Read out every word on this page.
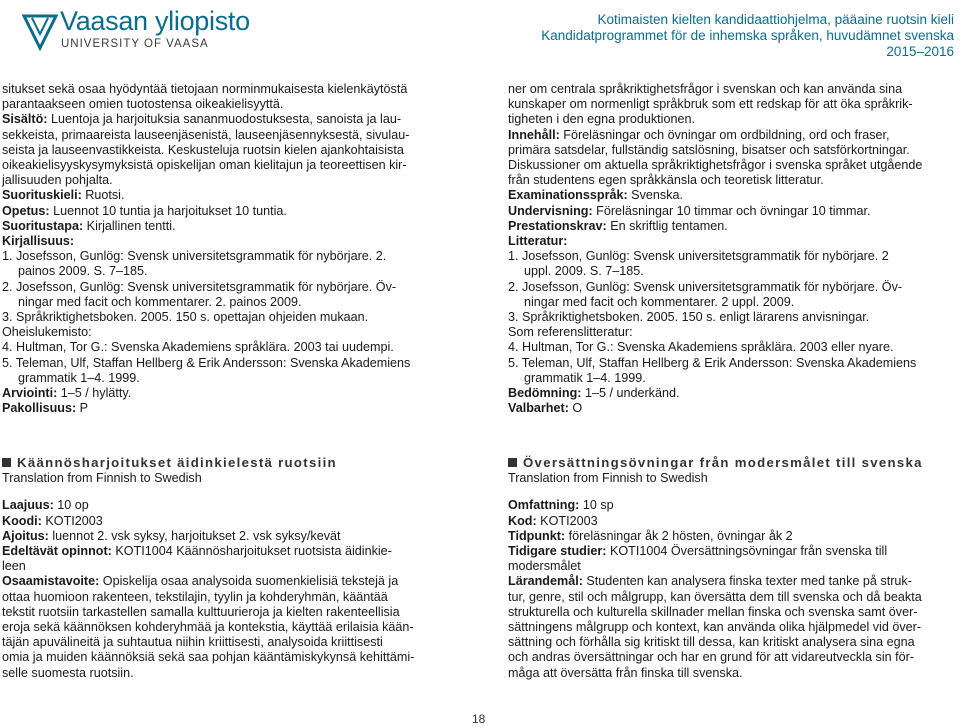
Vaasan yliopisto
UNIVERSITY OF VAASA
Kotimaisten kielten kandidaattiohjelma, pääaine ruotsin kieli
Kandidatprogrammet för de inhemska språken, huvudämnet svenska
2015–2016

situkset sekä osaa hyödyntää tietojaan norminmukaisesta kielenkäytöstä

parantaakseen omien tuotostensa oikeakielisyyttä.

Sisältö: Luentoja ja harjoituksia sananmuodostuksesta, sanoista ja lau-

sekkeista, primaareista lauseenjäsenistä, lauseenjäsennyksestä, sivulau-

seista ja lauseenvastikkeista. Keskusteluja ruotsin kielen ajankohtaisista

oikeakielisyyskysymyksistä opiskelijan oman kielitajun ja teoreettisen kir-

jallisuuden pohjalta.

Suorituskieli: Ruotsi.

Opetus: Luennot 10 tuntia ja harjoitukset 10 tuntia.

Suoritustapa: Kirjallinen tentti.

Kirjallisuus:

1. Josefsson, Gunlög: Svensk universitetsgrammatik för nybörjare. 2.

painos 2009. S. 7–185.

2. Josefsson, Gunlög: Svensk universitetsgrammatik för nybörjare. Öv-

ningar med facit och kommentarer. 2. painos 2009.

3. Språkriktighetsboken. 2005. 150 s. opettajan ohjeiden mukaan.

Oheislukemisto:

4. Hultman, Tor G.: Svenska Akademiens språklära. 2003 tai uudempi.

5. Teleman, Ulf, Staffan Hellberg & Erik Andersson: Svenska Akademiens

grammatik 1–4. 1999.

Arviointi: 1–5 / hylätty.

Pakollisuus: P

ner om centrala språkriktighetsfrågor i svenskan och kan använda sina

kunskaper om normenligt språkbruk som ett redskap för att öka språkrik-

tigheten i den egna produktionen.

Innehåll: Föreläsningar och övningar om ordbildning, ord och fraser,

primära satsdelar, fullständig satslösning, bisatser och satsförkortningar.

Diskussioner om aktuella språkriktighetsfrågor i svenska språket utgående

från studentens egen språkkänsla och teoretisk litteratur.

Examinationsspråk: Svenska.

Undervisning: Föreläsningar 10 timmar och övningar 10 timmar.

Prestationskrav: En skriftlig tentamen.

Litteratur:

1. Josefsson, Gunlög: Svensk universitetsgrammatik för nybörjare. 2

uppl. 2009. S. 7–185.

2. Josefsson, Gunlög: Svensk universitetsgrammatik för nybörjare. Öv-

ningar med facit och kommentarer. 2 uppl. 2009.

3. Språkriktighetsboken. 2005. 150 s. enligt lärarens anvisningar.

Som referenslitteratur:

4. Hultman, Tor G.: Svenska Akademiens språklära. 2003 eller nyare.

5. Teleman, Ulf, Staffan Hellberg & Erik Andersson: Svenska Akademiens

grammatik 1–4. 1999.

Bedömning: 1–5 / underkänd.

Valbarhet: O

Käännösharjoitukset äidinkielestä ruotsiin

Translation from Finnish to Swedish

Laajuus: 10 op

Koodi: KOTI2003

Ajoitus: luennot 2. vsk syksy, harjoitukset 2. vsk syksy/kevät

Edeltävät opinnot: KOTI1004 Käännösharjoitukset ruotsista äidinkie-

leen

Osaamistavoite: Opiskelija osaa analysoida suomenkielisiä tekstejä ja

ottaa huomioon rakenteen, tekstilajin, tyylin ja kohderyhmän, kääntää

tekstit ruotsiin tarkastellen samalla kulttuurieroja ja kielten rakenteellisia

eroja sekä käännöksen kohderyhmää ja kontekstia, käyttää erilaisia kään-

täjän apuvälineitä ja suhtautua niihin kriittisesti, analysoida kriittisesti

omia ja muiden käännöksiä sekä saa pohjan kääntämiskykynsä kehittämi-

selle suomesta ruotsiin.

Översättningsövningar från modersmålet till svenska

Translation from Finnish to Swedish

Omfattning: 10 sp

Kod: KOTI2003

Tidpunkt: föreläsningar åk 2 hösten, övningar åk 2

Tidigare studier: KOTI1004 Översättningsövningar från svenska till

modersmålet

Lärandemål: Studenten kan analysera finska texter med tanke på struk-

tur, genre, stil och målgrupp, kan översätta dem till svenska och då beakta

strukturella och kulturella skillnader mellan finska och svenska samt över-

sättningens målgrupp och kontext, kan använda olika hjälpmedel vid över-

sättning och förhålla sig kritiskt till dessa, kan kritiskt analysera sina egna

och andras översättningar och har en grund för att vidareutveckla sin för-

måga att översätta från finska till svenska.

18
